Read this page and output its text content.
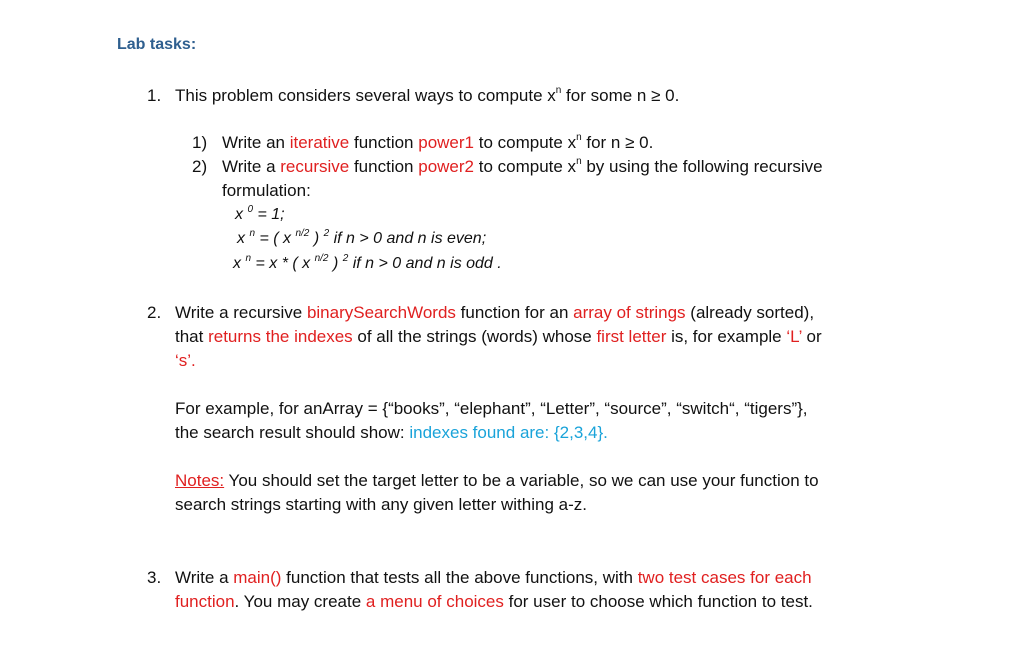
Lab tasks:
1. This problem considers several ways to compute $x^n$ for some n ≥ 0.
1) Write an iterative function power1 to compute $x^n$ for n ≥ 0.
2) Write a recursive function power2 to compute $x^n$ by using the following recursive
formulation:
x $^0$ = 1;
x $^n$ = ( x $^{n/2}$ ) $^2$ if n > 0 and n is even;
x $^n$ = x * ( x $^{n/2}$ ) $^2$ if n > 0 and n is odd .
2. Write a recursive binarySearchWords function for an array of strings (already sorted),
that returns the indexes of all the strings (words) whose first letter is, for example ‘L’ or
‘s’.
For example, for anArray = {“books”, “elephant”, “Letter”, “source”, “switch“, “tigers”},
the search result should show: indexes found are: {2,3,4}.
Notes: You should set the target letter to be a variable, so we can use your function to
search strings starting with any given letter withing a-z.
3. Write a main() function that tests all the above functions, with two test cases for each
function. You may create a menu of choices for user to choose which function to test.
